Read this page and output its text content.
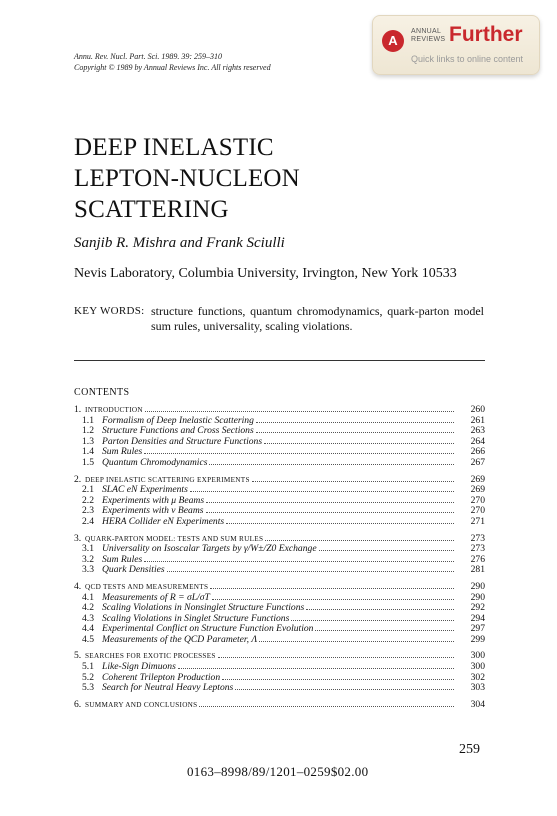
Annu. Rev. Nucl. Part. Sci. 1989. 39: 259–310
Copyright © 1989 by Annual Reviews Inc. All rights reserved
A
ANNUAL REVIEWS Further
Quick links to online content
DEEP INELASTIC
LEPTON-NUCLEON
SCATTERING
Sanjib R. Mishra and Frank Sciulli
Nevis Laboratory, Columbia University, Irvington, New York 10533
KEY WORDS: structure functions, quantum chromodynamics, quark-parton model sum rules, universality, scaling violations.
CONTENTS
1. INTRODUCTION	260
1.1 Formalism of Deep Inelastic Scattering	261
1.2 Structure Functions and Cross Sections	263
1.3 Parton Densities and Structure Functions	264
1.4 Sum Rules	266
1.5 Quantum Chromodynamics	267
2. DEEP INELASTIC SCATTERING EXPERIMENTS	269
2.1 SLAC eN Experiments	269
2.2 Experiments with μ Beams	270
2.3 Experiments with ν Beams	270
2.4 HERA Collider eN Experiments	271
3. QUARK-PARTON MODEL: TESTS AND SUM RULES	273
3.1 Universality on Isoscalar Targets by γ/W±/Z0 Exchange	273
3.2 Sum Rules	276
3.3 Quark Densities	281
4. QCD TESTS AND MEASUREMENTS	290
4.1 Measurements of R = σL/σT	290
4.2 Scaling Violations in Nonsinglet Structure Functions	292
4.3 Scaling Violations in Singlet Structure Functions	294
4.4 Experimental Conflict on Structure Function Evolution	297
4.5 Measurements of the QCD Parameter, Λ	299
5. SEARCHES FOR EXOTIC PROCESSES	300
5.1 Like-Sign Dimuons	300
5.2 Coherent Trilepton Production	302
5.3 Search for Neutral Heavy Leptons	303
6. SUMMARY AND CONCLUSIONS	304
259
0163–8998/89/1201–0259$02.00
